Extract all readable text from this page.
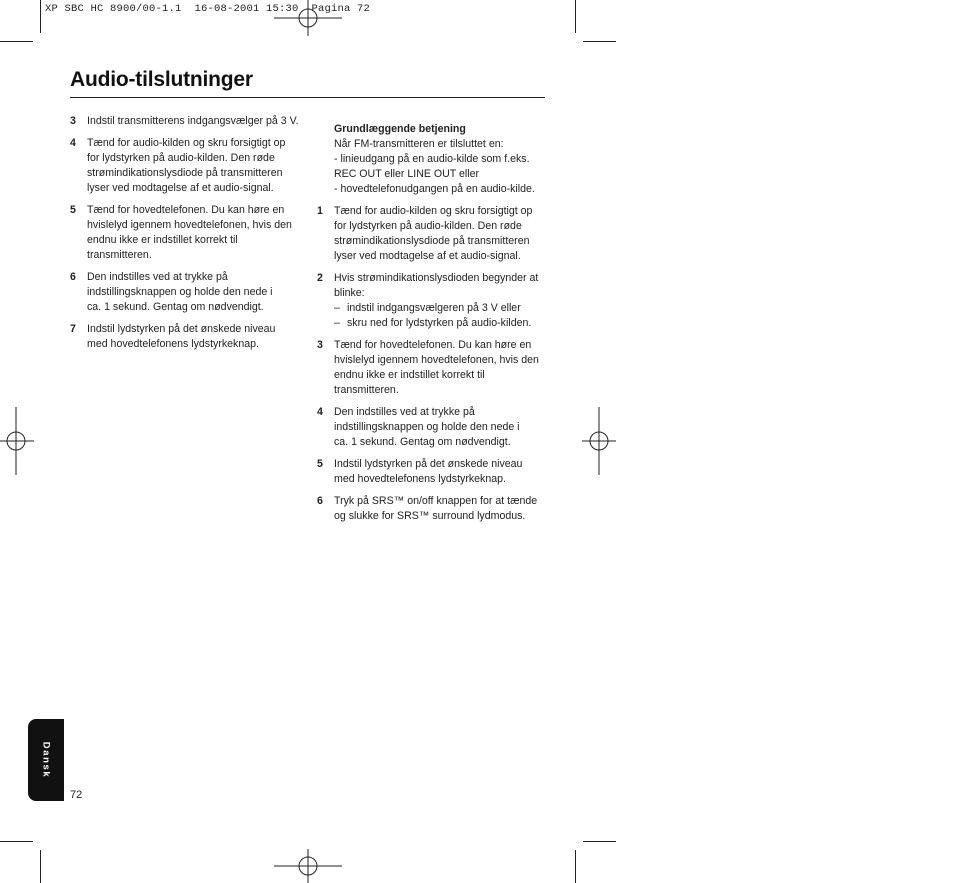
XP SBC HC 8900/00-1.1  16-08-2001 15:30  Pagina 72
Audio-tilslutninger
3	Indstil transmitterens indgangsvælger på 3 V.
4	Tænd for audio-kilden og skru forsigtigt op
for lydstyrken på audio-kilden. Den røde
strømindikationslysdiode på transmitteren
lyser ved modtagelse af et audio-signal.
5	Tænd for hovedtelefonen. Du kan høre en
hvislelyd igennem hovedtelefonen, hvis den
endnu ikke er indstillet korrekt til
transmitteren.
6	Den indstilles ved at trykke på
indstillingsknappen og holde den nede i
ca. 1 sekund. Gentag om nødvendigt.
7	Indstil lydstyrken på det ønskede niveau
med hovedtelefonens lydstyrkeknap.
Grundlæggende betjening
Når FM-transmitteren er tilsluttet en:
- linieudgang på en audio-kilde som f.eks.
REC OUT eller LINE OUT eller
- hovedtelefonudgangen på en audio-kilde.
1	Tænd for audio-kilden og skru forsigtigt op
for lydstyrken på audio-kilden. Den røde
strømindikationslysdiode på transmitteren
lyser ved modtagelse af et audio-signal.
2	Hvis strømindikationslysdioden begynder at
blinke:
– indstil indgangsvælgeren på 3 V eller
– skru ned for lydstyrken på audio-kilden.
3	Tænd for hovedtelefonen. Du kan høre en
hvislelyd igennem hovedtelefonen, hvis den
endnu ikke er indstillet korrekt til
transmitteren.
4	Den indstilles ved at trykke på
indstillingsknappen og holde den nede i
ca. 1 sekund. Gentag om nødvendigt.
5	Indstil lydstyrken på det ønskede niveau
med hovedtelefonens lydstyrkeknap.
6	Tryk på SRS™ on/off knappen for at tænde
og slukke for SRS™ surround lydmodus.
Dansk
72
